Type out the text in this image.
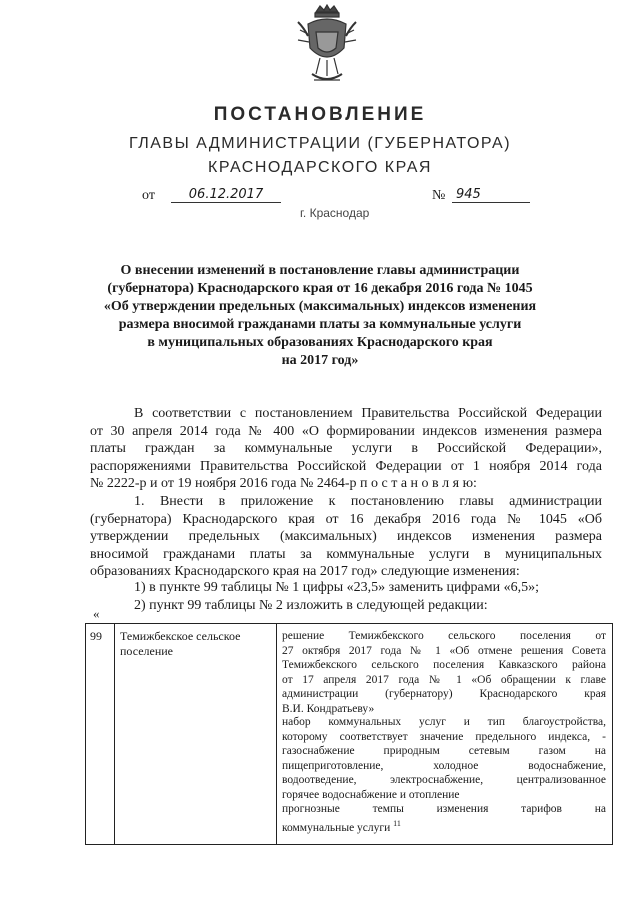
ПОСТАНОВЛЕНИЕ
ГЛАВЫ АДМИНИСТРАЦИИ (ГУБЕРНАТОРА)
КРАСНОДАРСКОГО КРАЯ
от	06.12.2017	№ 945
г. Краснодар
О внесении изменений в постановление главы администрации
(губернатора) Краснодарского края от 16 декабря 2016 года № 1045
«Об утверждении предельных (максимальных) индексов изменения
размера вносимой гражданами платы за коммунальные услуги
в муниципальных образованиях Краснодарского края
на 2017 год»
В соответствии с постановлением Правительства Российской Федерации
от 30 апреля 2014 года № 400 «О формировании индексов изменения размера
платы граждан за коммунальные услуги в Российской Федерации»,
распоряжениями Правительства Российской Федерации от 1 ноября 2014 года
№ 2222-р и от 19 ноября 2016 года № 2464-р п о с т а н о в л я ю:
1. Внести в приложение к постановлению главы администрации
(губернатора) Краснодарского края от 16 декабря 2016 года № 1045 «Об
утверждении предельных (максимальных) индексов изменения размера
вносимой гражданами платы за коммунальные услуги в муниципальных
образованиях Краснодарского края на 2017 год» следующие изменения:
1) в пункте 99 таблицы № 1 цифры «23,5» заменить цифрами «6,5»;
2) пункт 99 таблицы № 2 изложить в следующей редакции:
«
99 Темижбекское сельское
поселение
решение Темижбекского сельского поселения от
27 октября 2017 года № 1 «Об отмене решения Совета
Темижбекского сельского поселения Кавказского района
от 17 апреля 2017 года № 1 «Об обращении к главе
администрации (губернатору) Краснодарского края
В.И. Кондратьеву»
набор коммунальных услуг и тип благоустройства,
которому соответствует значение предельного индекса, -
газоснабжение природным сетевым газом на
пищеприготовление, холодное водоснабжение,
водоотведение, электроснабжение, централизованное
горячее водоснабжение и отопление
прогнозные темпы изменения тарифов на
коммунальные услуги $^{11}$
